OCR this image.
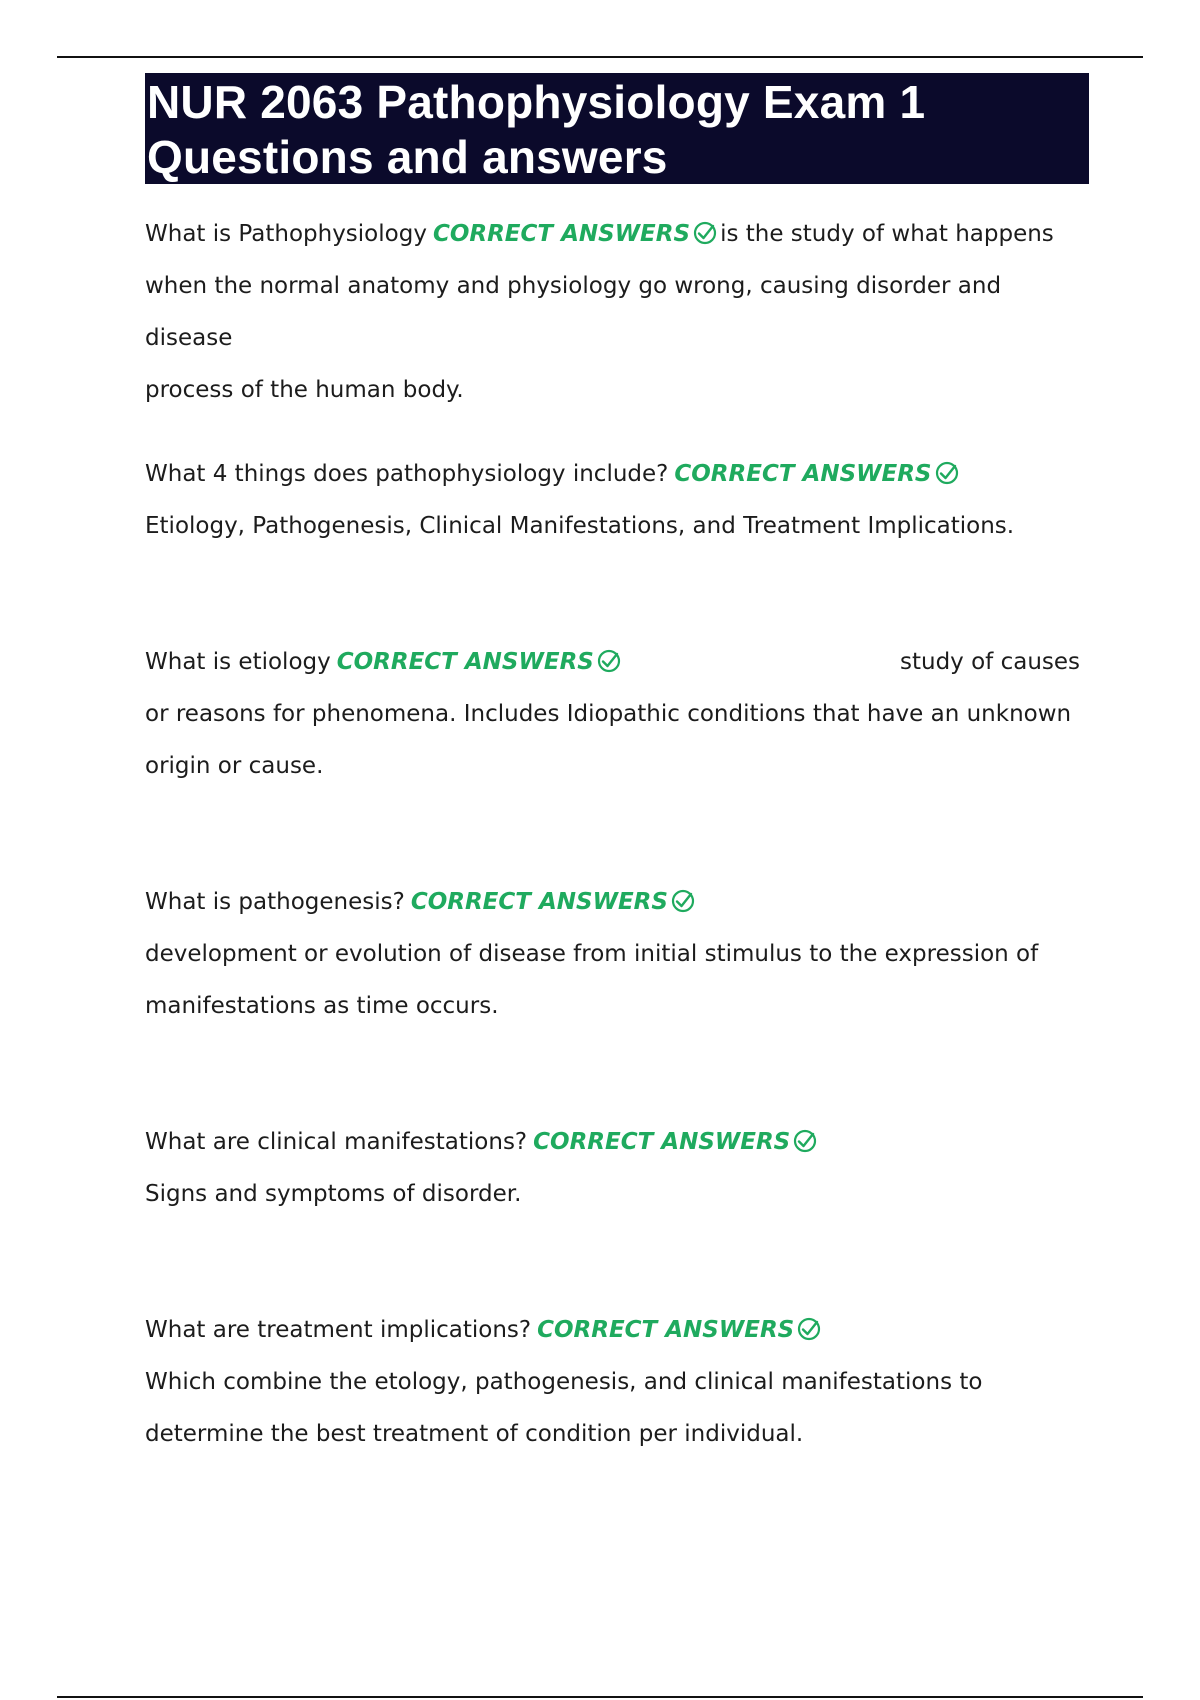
NUR 2063 Pathophysiology Exam 1
Questions and answers
What is Pathophysiology CORRECT ANSWERS is the study of what happens
when the normal anatomy and physiology go wrong, causing disorder and disease
process of the human body.
What 4 things does pathophysiology include? CORRECT ANSWERS
Etiology, Pathogenesis, Clinical Manifestations, and Treatment Implications.
What is etiology CORRECT ANSWERS	study of causes
or reasons for phenomena. Includes Idiopathic conditions that have an unknown
origin or cause.
What is pathogenesis? CORRECT ANSWERS
development or evolution of disease from initial stimulus to the expression of
manifestations as time occurs.
What are clinical manifestations? CORRECT ANSWERS
Signs and symptoms of disorder.
What are treatment implications? CORRECT ANSWERS
Which combine the etology, pathogenesis, and clinical manifestations to
determine the best treatment of condition per individual.
